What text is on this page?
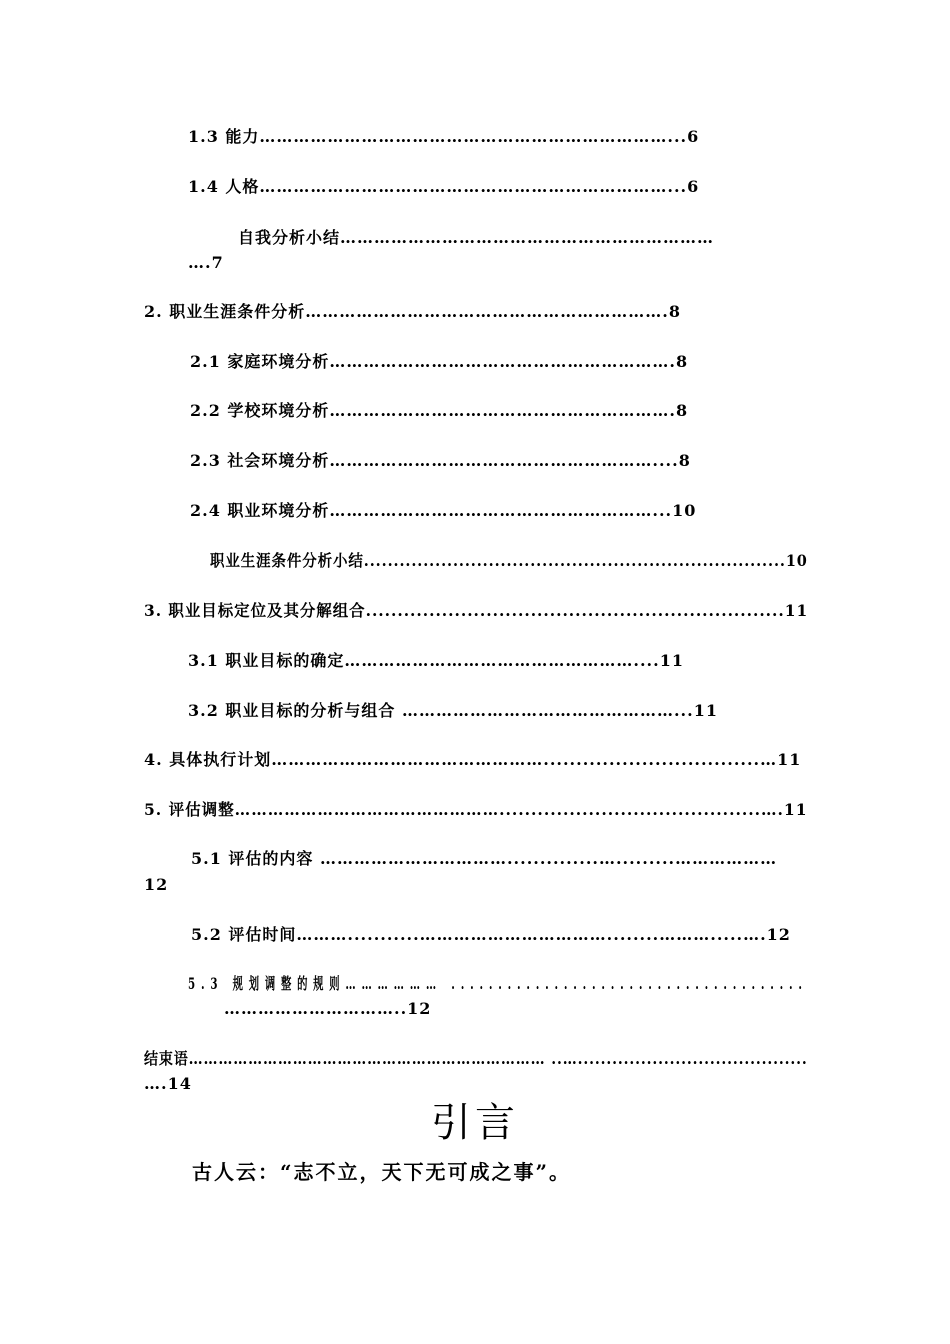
1.3 能力………………………………………………………………...6
1.4 人格………………………………………………………………...6
自我分析小结…………………………………………………………
….7
2. 职业生涯条件分析……………………………………………………….8
2.1 家庭环境分析…………………………………………………….8
2.2 学校环境分析…………………………………………………….8
2.3 社会环境分析…………………………………………………....8
2.4 职业环境分析…………………………………………………...10
职业生涯条件分析小结.......................................................................10
3. 职业目标定位及其分解组合..................................................................11
3.1 职业目标的确定……………………………………………....11
3.2 职业目标的分析与组合 …………………………………………...11
4. 具体执行计划………………………………………….................................…11
5. 评估调整………………………………………….........................................….11
5.1 评估的内容 ……………………………..............….........………………
12
5.2 评估时间………...........……………………………........……….....….12
5.3 规划调整的规则……………… ......................................
…………………………..12
结束语……………………………………………………………… ..…........................................
….14
引言
古人云：“志不立，天下无可成之事”。
